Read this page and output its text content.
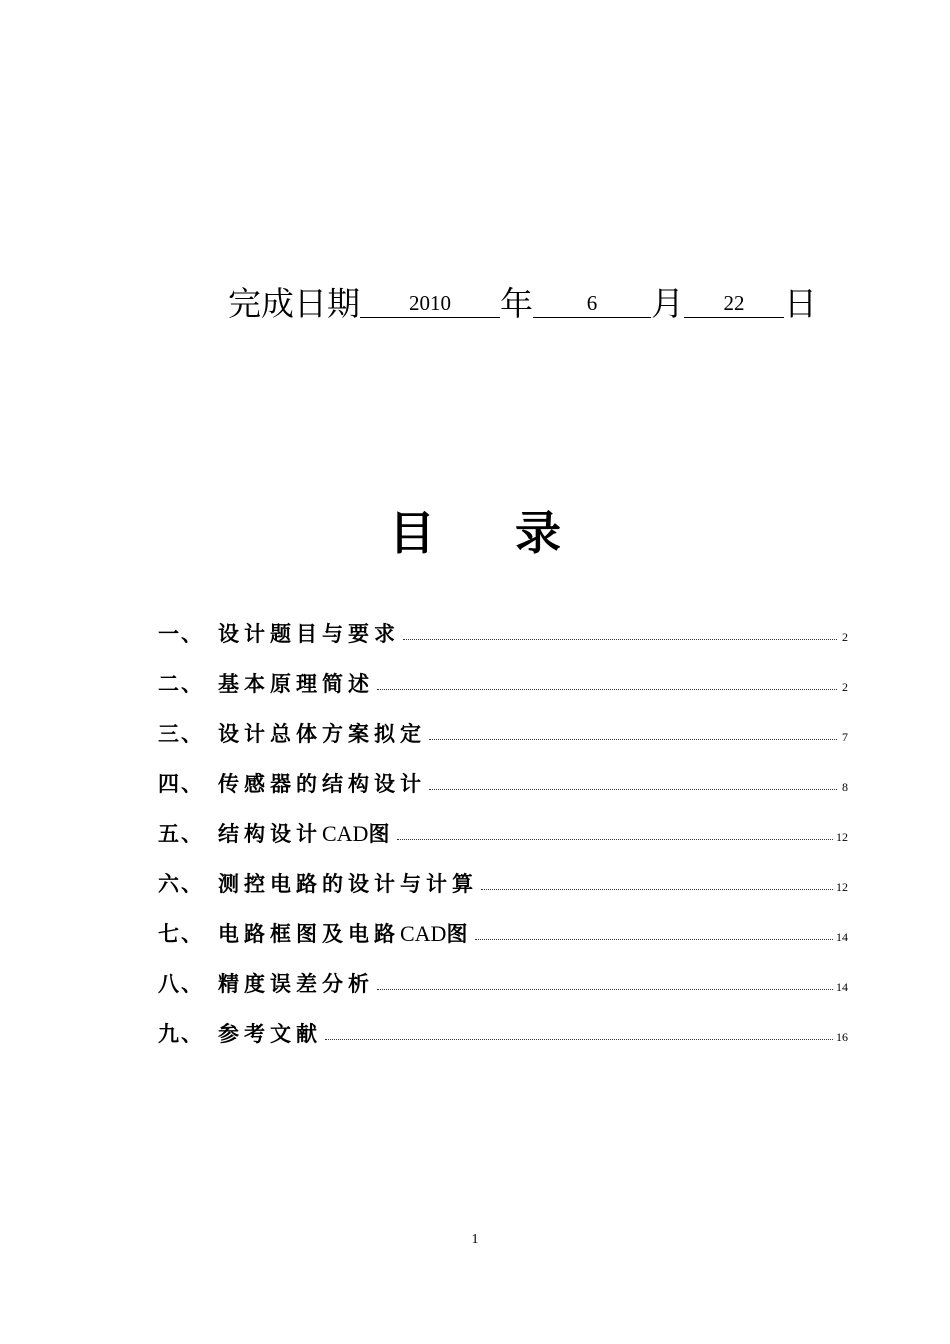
完成日期	2010	年	6	月	22	日
目录
一、 设计题目与要求	2
二、 基本原理简述	2
三、 设计总体方案拟定	7
四、 传感器的结构设计	8
五、 结构设计CAD图	12
六、 测控电路的设计与计算	12
七、 电路框图及电路CAD图	14
八、 精度误差分析	14
九、 参考文献	16
1
